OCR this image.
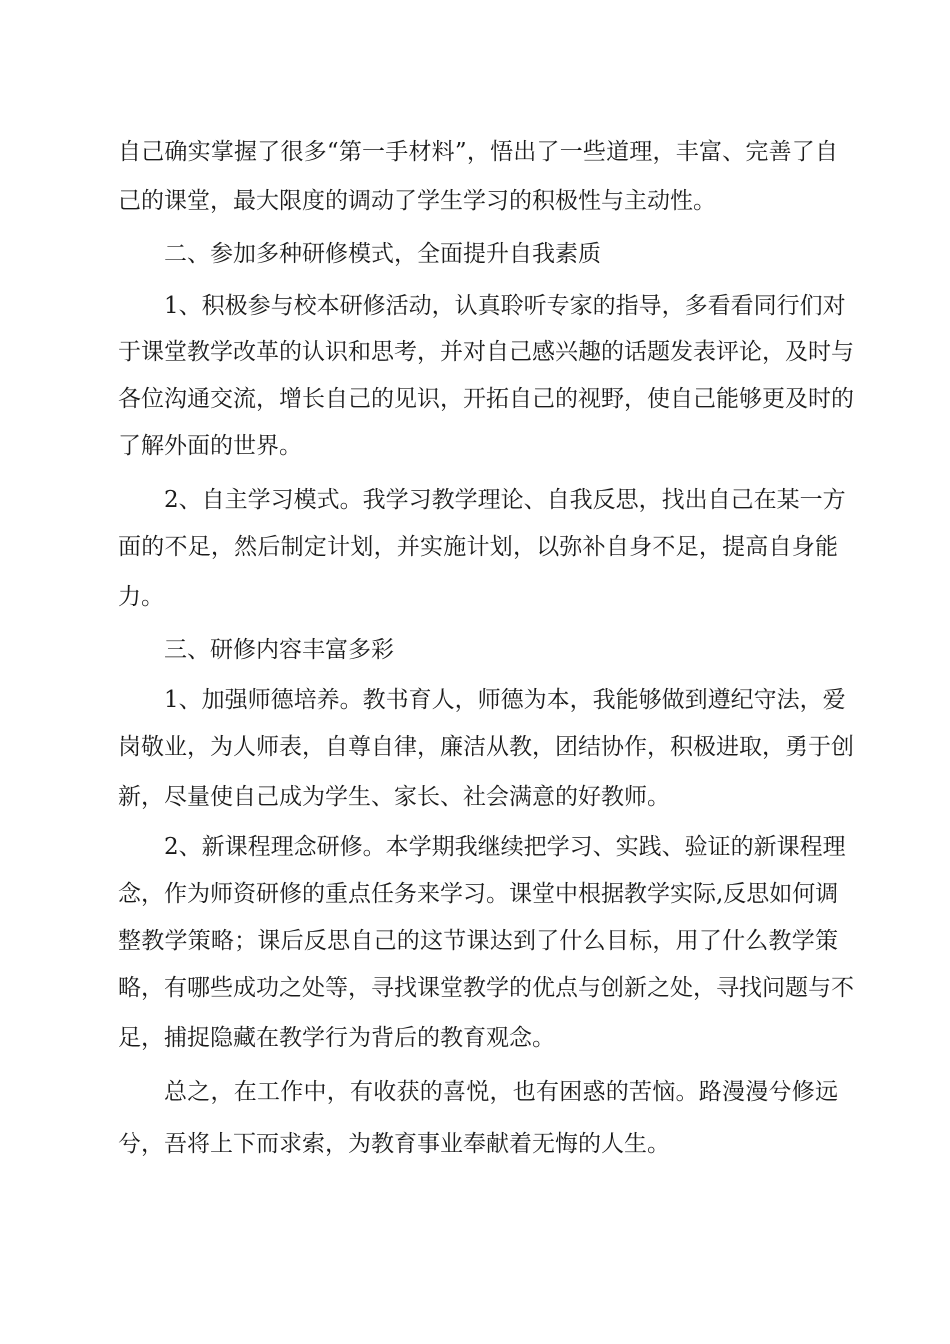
自己确实掌握了很多“第一手材料”，悟出了一些道理，丰富、完善了自
己的课堂，最大限度的调动了学生学习的积极性与主动性。
二、参加多种研修模式，全面提升自我素质
1、积极参与校本研修活动，认真聆听专家的指导，多看看同行们对
于课堂教学改革的认识和思考，并对自己感兴趣的话题发表评论，及时与
各位沟通交流，增长自己的见识，开拓自己的视野，使自己能够更及时的
了解外面的世界。
2、自主学习模式。我学习教学理论、自我反思，找出自己在某一方
面的不足，然后制定计划，并实施计划，以弥补自身不足，提高自身能
力。
三、研修内容丰富多彩
1、加强师德培养。教书育人，师德为本，我能够做到遵纪守法，爱
岗敬业，为人师表，自尊自律，廉洁从教，团结协作，积极进取，勇于创
新，尽量使自己成为学生、家长、社会满意的好教师。
2、新课程理念研修。本学期我继续把学习、实践、验证的新课程理
念，作为师资研修的重点任务来学习。课堂中根据教学实际,反思如何调
整教学策略；课后反思自己的这节课达到了什么目标，用了什么教学策
略，有哪些成功之处等，寻找课堂教学的优点与创新之处，寻找问题与不
足，捕捉隐藏在教学行为背后的教育观念。
总之，在工作中，有收获的喜悦，也有困惑的苦恼。路漫漫兮修远
兮，吾将上下而求索，为教育事业奉献着无悔的人生。
